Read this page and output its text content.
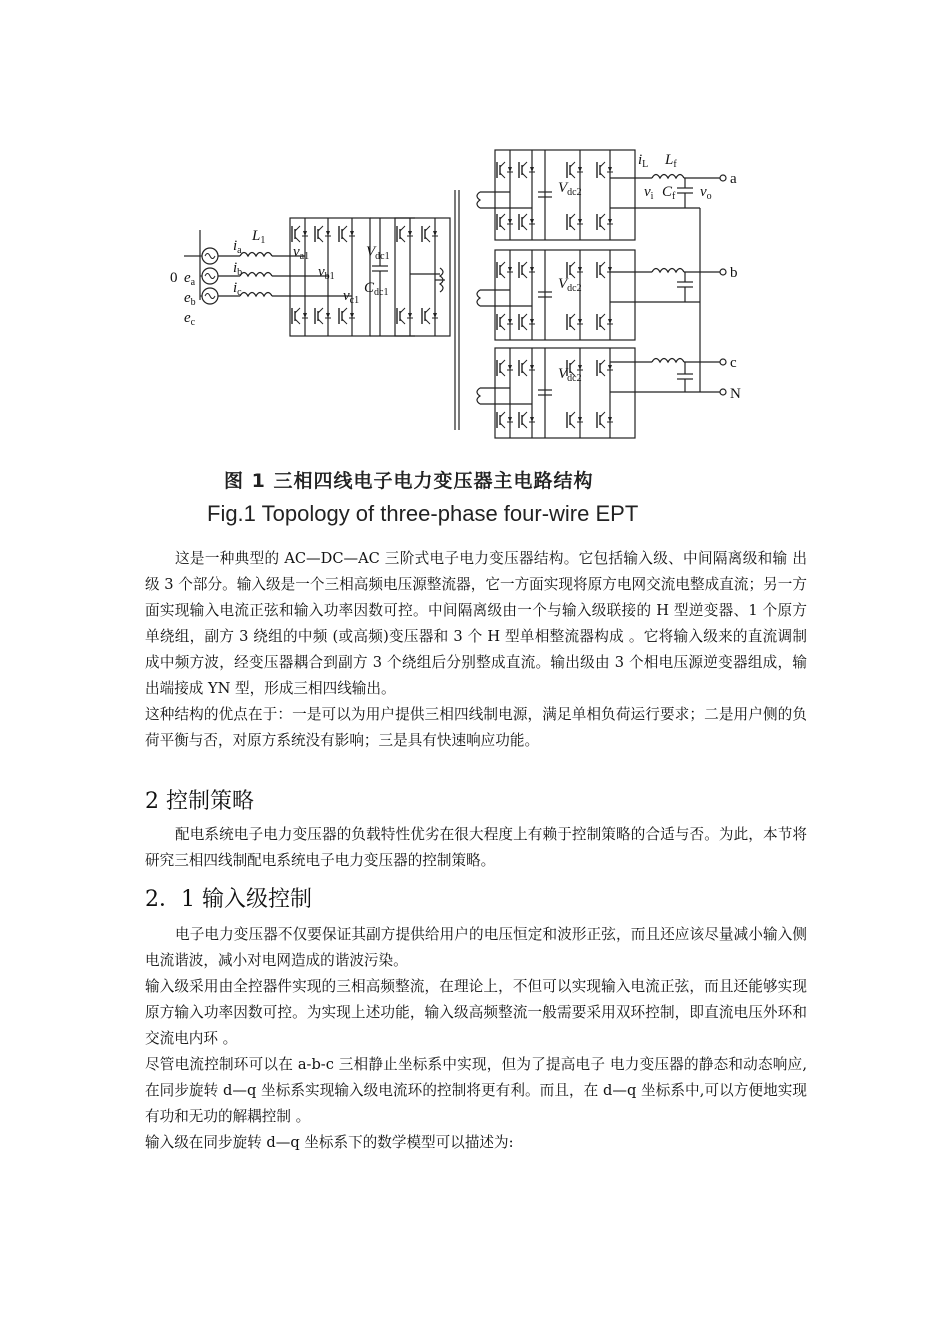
0 $e_a$
$e_b$
$e_c$
$i_a$
$i_b$
$i_c$
$L_1$
$v_{a1}$
$v_{b1}$
$v_{c1}$
$V_{dc1}$
$C_{dc1}$
$V_{dc2}$
$V_{dc2}$
$V_{dc2}$
$i_L$ $L_f$
$v_i$ $C_f$ $v_o$
a
b
c
N
图 1 三相四线电子电力变压器主电路结构
Fig.1 Topology of three-phase four-wire EPT

这是一种典型的 AC—DC—AC 三阶式电子电力变压器结构。它包括输入级、中间隔离级和输 出级 3 个部分。输入级是一个三相高频电压源整流器，它一方面实现将原方电网交流电整成直流；另一方面实现输入电流正弦和输入功率因数可控。中间隔离级由一个与输入级联接的 H 型逆变器、1 个原方单绕组，副方 3 绕组的中频 (或高频)变压器和 3 个 H 型单相整流器构成 。它将输入级来的直流调制成中频方波，经变压器耦合到副方 3 个绕组后分别整成直流。输出级由 3 个相电压源逆变器组成，输出端接成 YN 型，形成三相四线输出。

这种结构的优点在于：一是可以为用户提供三相四线制电源，满足单相负荷运行要求；二是用户侧的负荷平衡与否，对原方系统没有影响；三是具有快速响应功能。

2 控制策略

配电系统电子电力变压器的负载特性优劣在很大程度上有赖于控制策略的合适与否。为此，本节将研究三相四线制配电系统电子电力变压器的控制策略。

2．1 输入级控制

电子电力变压器不仅要保证其副方提供给用户的电压恒定和波形正弦，而且还应该尽量减小输入侧电流谐波，减小对电网造成的谐波污染。

输入级采用由全控器件实现的三相高频整流，在理论上，不但可以实现输入电流正弦，而且还能够实现原方输入功率因数可控。为实现上述功能，输入级高频整流一般需要采用双环控制，即直流电压外环和交流电内环 。

尽管电流控制环可以在 a-b-c 三相静止坐标系中实现，但为了提高电子 电力变压器的静态和动态响应,在同步旋转 d—q 坐标系实现输入级电流环的控制将更有利。而且，在 d—q 坐标系中,可以方便地实现有功和无功的解耦控制 。

输入级在同步旋转 d—q 坐标系下的数学模型可以描述为:
